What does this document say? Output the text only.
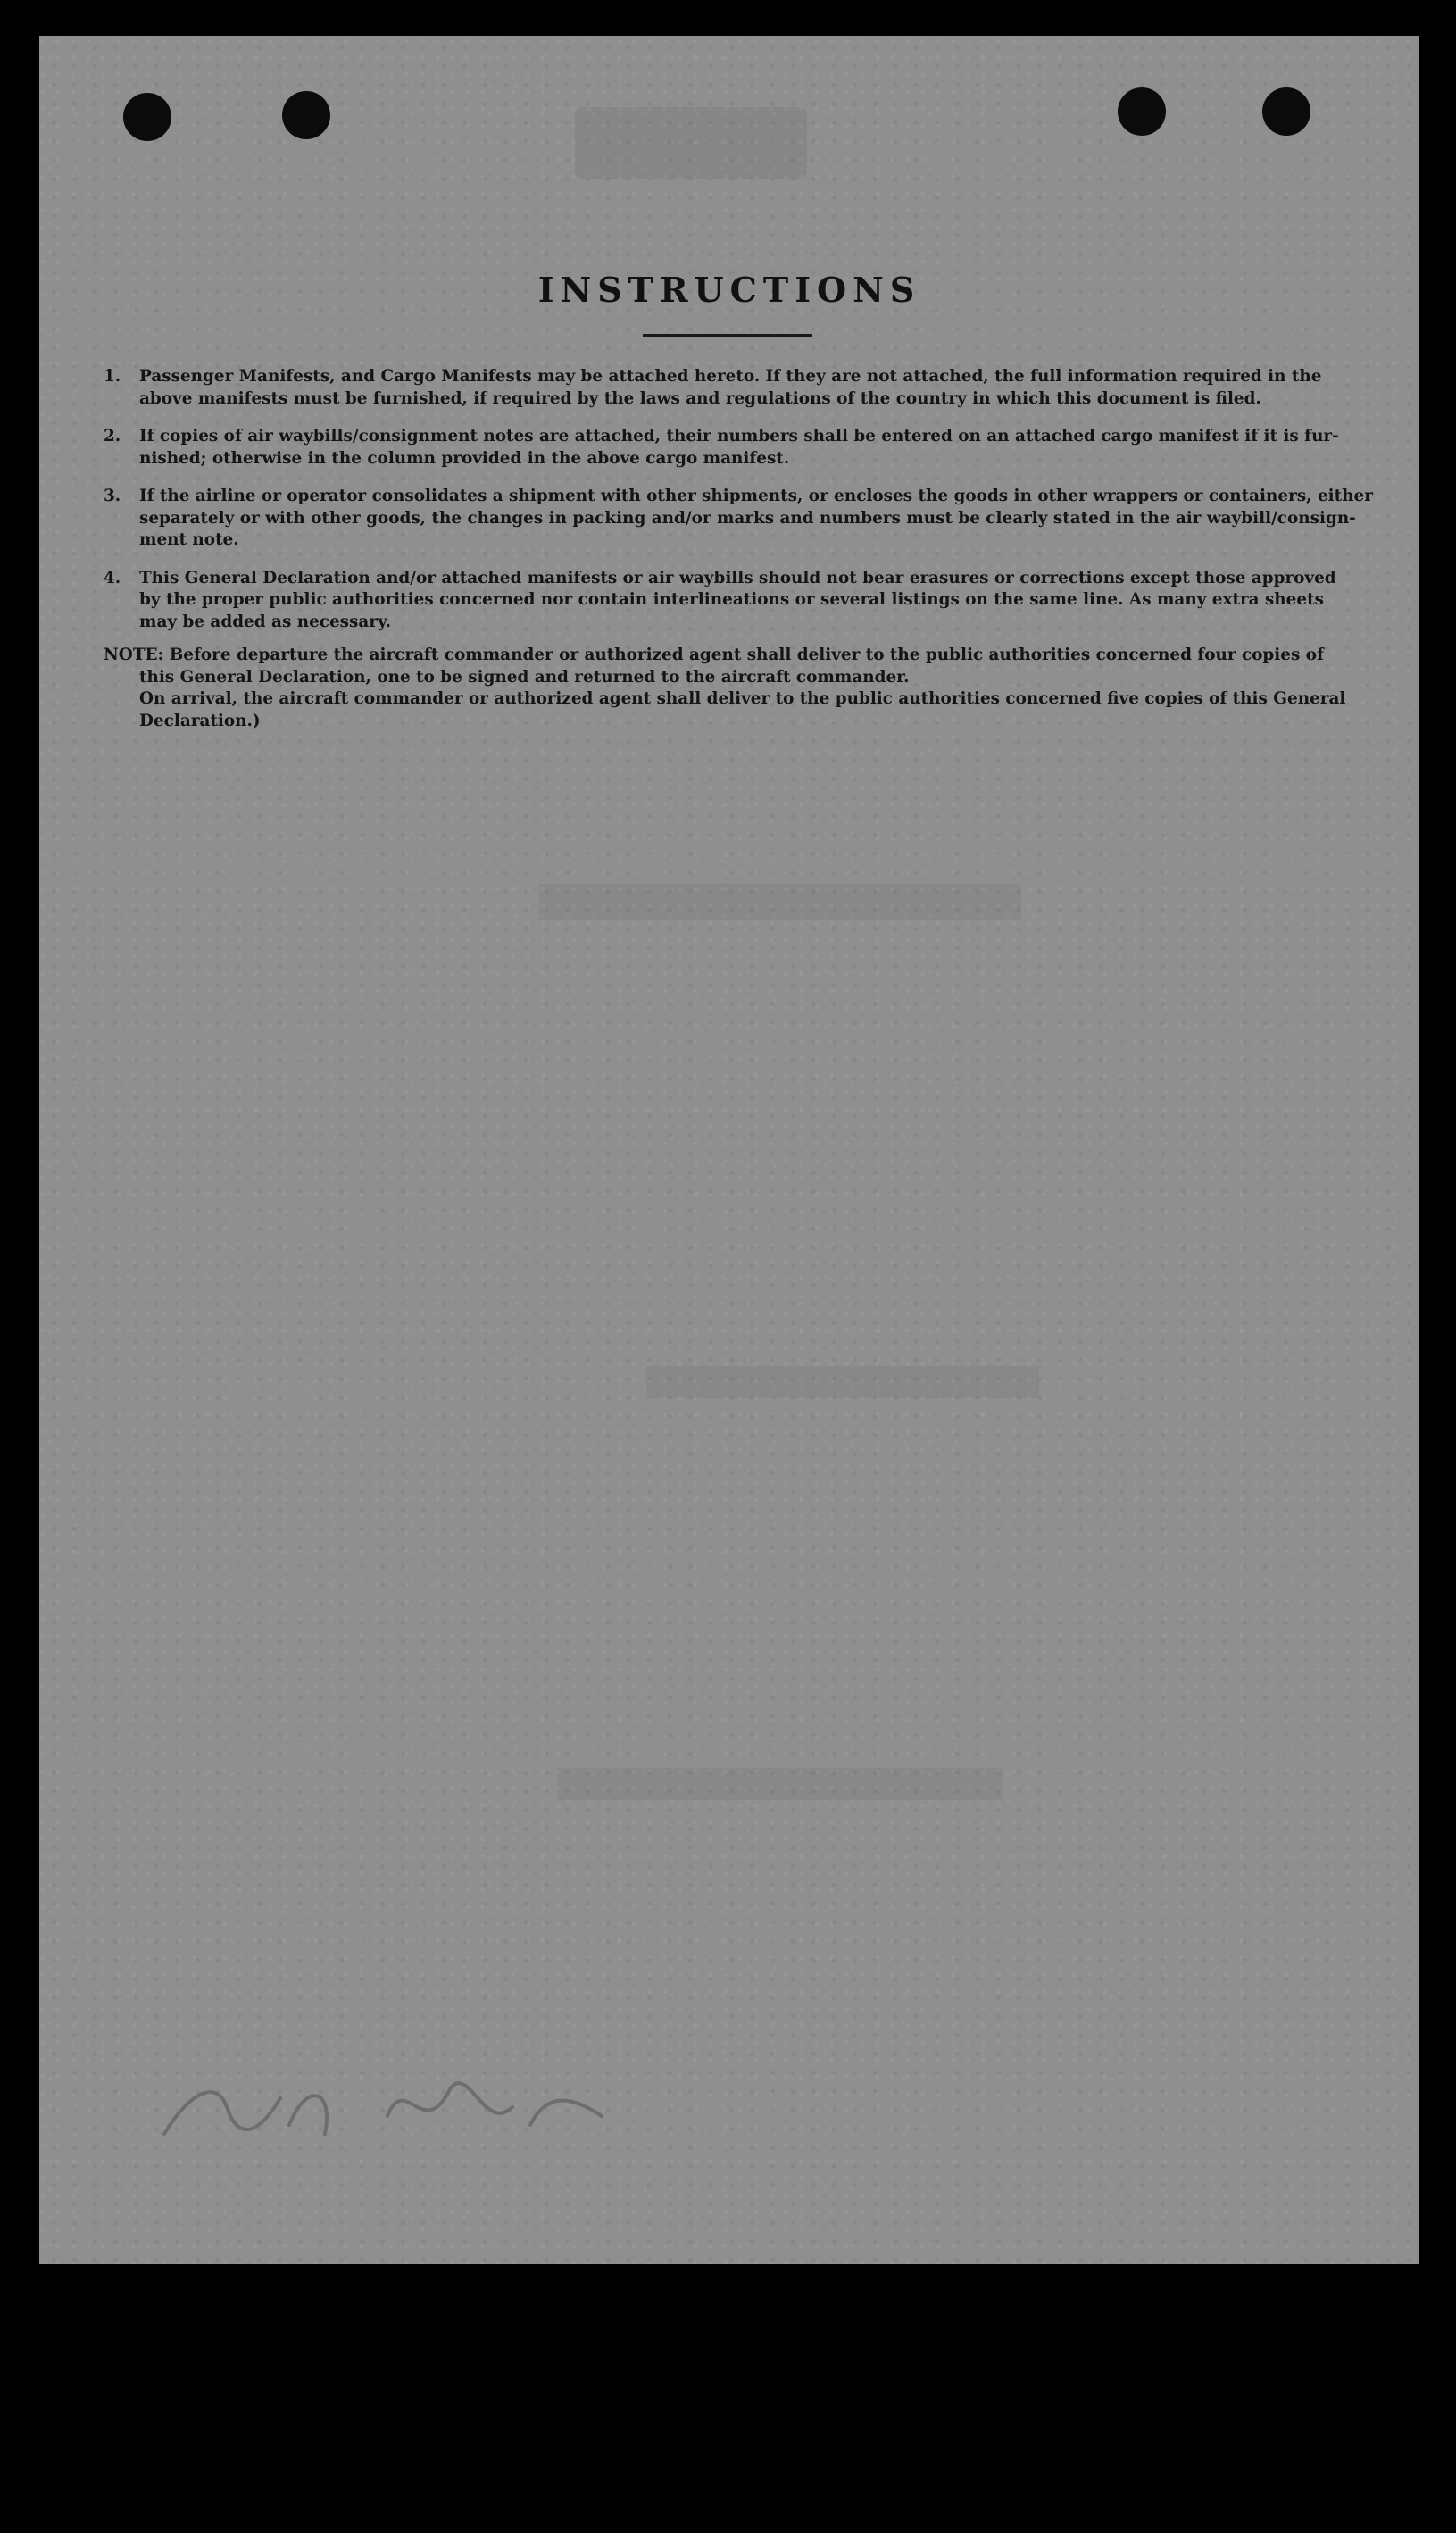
INSTRUCTIONS
1. Passenger Manifests, and Cargo Manifests may be attached hereto. If they are not attached, the full information required in the
above manifests must be furnished, if required by the laws and regulations of the country in which this document is filed.
2. If copies of air waybills/consignment notes are attached, their numbers shall be entered on an attached cargo manifest if it is fur-
nished; otherwise in the column provided in the above cargo manifest.
3. If the airline or operator consolidates a shipment with other shipments, or encloses the goods in other wrappers or containers, either
separately or with other goods, the changes in packing and/or marks and numbers must be clearly stated in the air waybill/consign-
ment note.
4. This General Declaration and/or attached manifests or air waybills should not bear erasures or corrections except those approved
by the proper public authorities concerned nor contain interlineations or several listings on the same line. As many extra sheets
may be added as necessary.
NOTE: Before departure the aircraft commander or authorized agent shall deliver to the public authorities concerned four copies of
this General Declaration, one to be signed and returned to the aircraft commander.
On arrival, the aircraft commander or authorized agent shall deliver to the public authorities concerned five copies of this General
Declaration.)
